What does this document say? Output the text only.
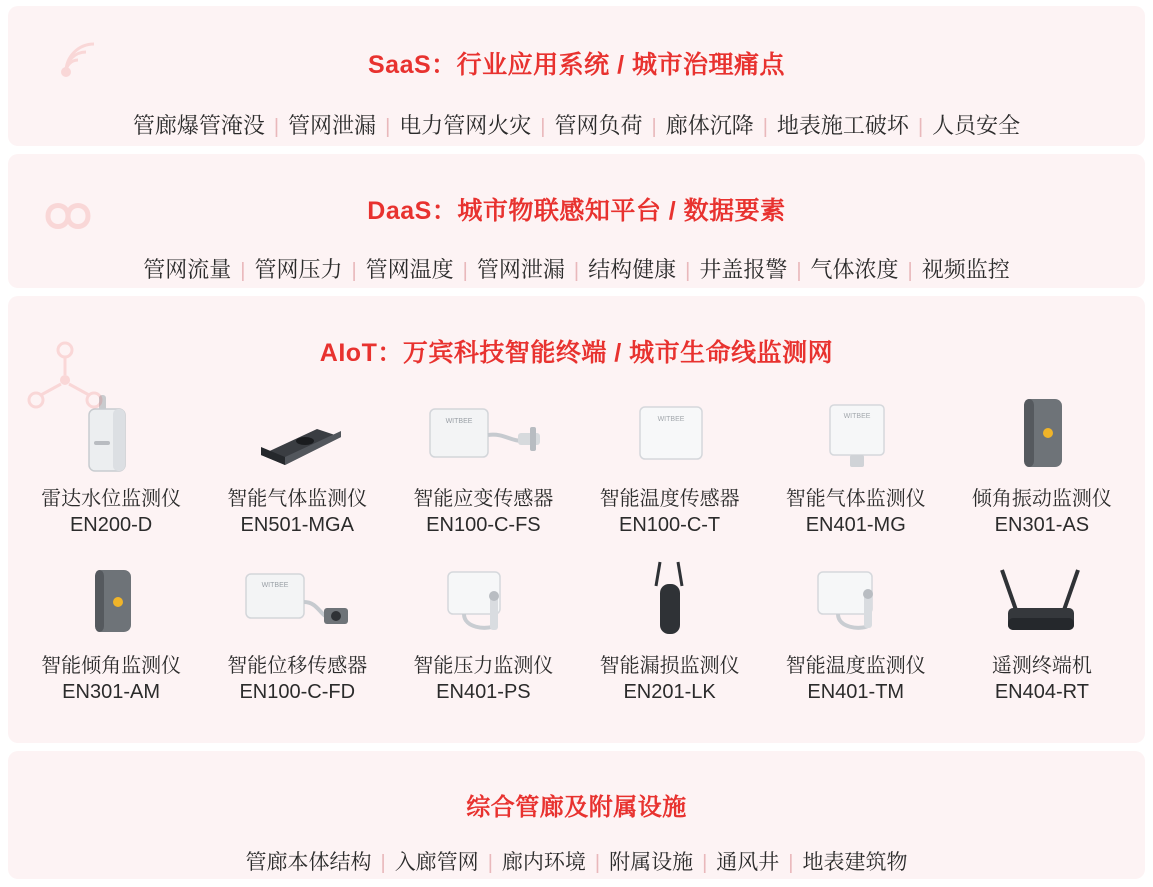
SaaS：行业应用系统 / 城市治理痛点
管廊爆管淹没 | 管网泄漏 | 电力管网火灾 | 管网负荷 | 廊体沉降 | 地表施工破坏 | 人员安全
DaaS：城市物联感知平台 / 数据要素
管网流量 | 管网压力 | 管网温度 | 管网泄漏 | 结构健康 | 井盖报警 | 气体浓度 | 视频监控
AIoT：万宾科技智能终端 / 城市生命线监测网
雷达水位监测仪
EN200-D
智能气体监测仪
EN501-MGA
WITBEE
智能应变传感器
EN100-C-FS
WITBEE
智能温度传感器
EN100-C-T
WITBEE
智能气体监测仪
EN401-MG
倾角振动监测仪
EN301-AS
智能倾角监测仪
EN301-AM
WITBEE
智能位移传感器
EN100-C-FD
智能压力监测仪
EN401-PS
智能漏损监测仪
EN201-LK
智能温度监测仪
EN401-TM
遥测终端机
EN404-RT
综合管廊及附属设施
管廊本体结构 | 入廊管网 | 廊内环境 | 附属设施 | 通风井 | 地表建筑物
